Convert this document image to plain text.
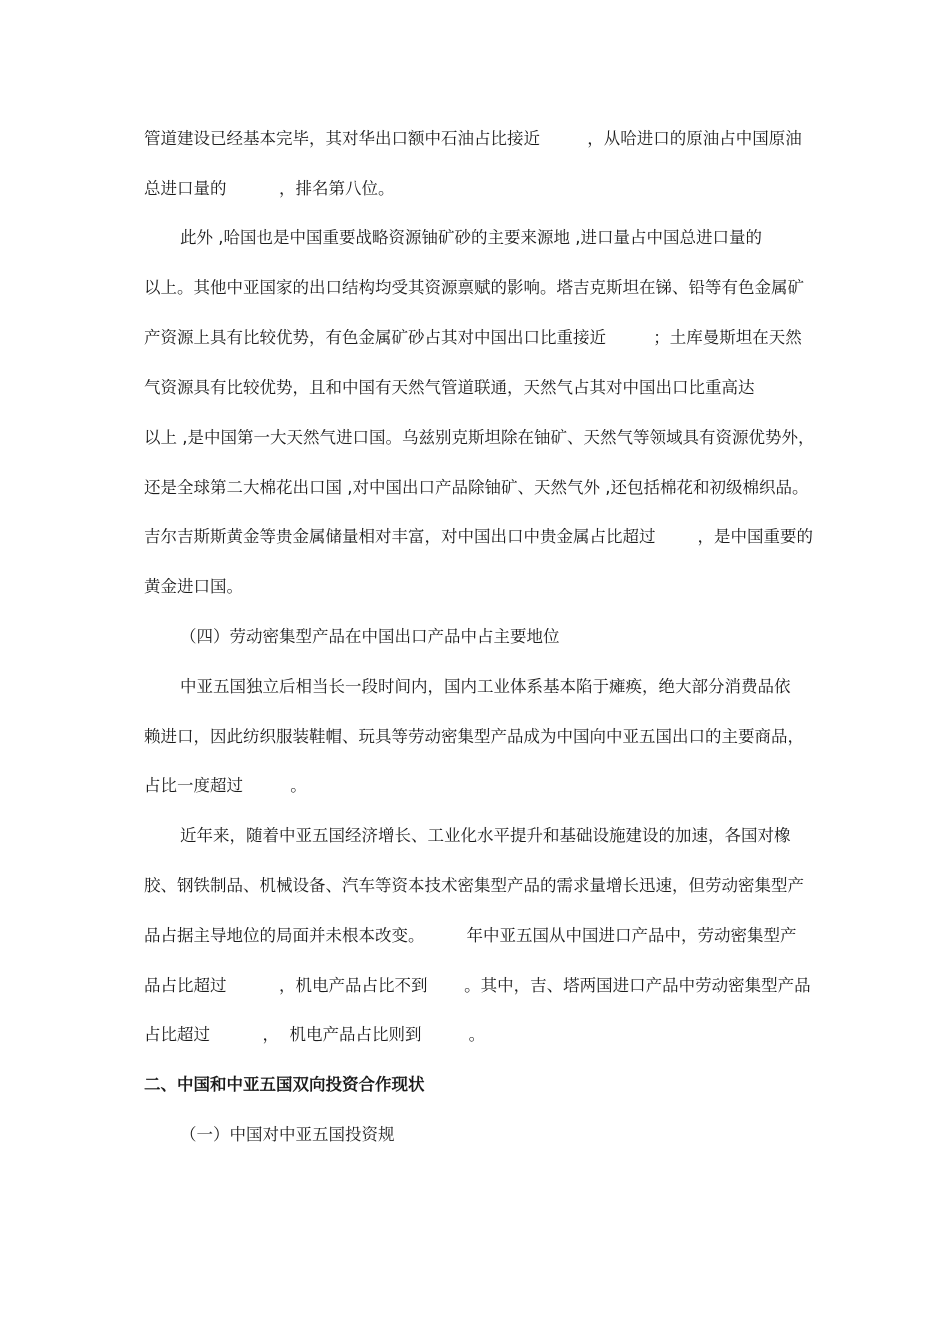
管道建设已经基本完毕，其对华出口额中石油占比接近         ，从哈进口的原油占中国原油
总进口量的          ，排名第八位。
此外 ,哈国也是中国重要战略资源铀矿砂的主要来源地 ,进口量占中国总进口量的
以上。其他中亚国家的出口结构均受其资源禀赋的影响。塔吉克斯坦在锑、铅等有色金属矿
产资源上具有比较优势，有色金属矿砂占其对中国出口比重接近         ；土库曼斯坦在天然
气资源具有比较优势，且和中国有天然气管道联通，天然气占其对中国出口比重高达
以上 ,是中国第一大天然气进口国。乌兹别克斯坦除在铀矿、天然气等领域具有资源优势外，
还是全球第二大棉花出口国 ,对中国出口产品除铀矿、天然气外 ,还包括棉花和初级棉织品。
吉尔吉斯斯黄金等贵金属储量相对丰富，对中国出口中贵金属占比超过        ，是中国重要的
黄金进口国。
（四）劳动密集型产品在中国出口产品中占主要地位
中亚五国独立后相当长一段时间内，国内工业体系基本陷于瘫痪，绝大部分消费品依
赖进口，因此纺织服装鞋帽、玩具等劳动密集型产品成为中国向中亚五国出口的主要商品，
占比一度超过         。
近年来，随着中亚五国经济增长、工业化水平提升和基础设施建设的加速，各国对橡
胶、钢铁制品、机械设备、汽车等资本技术密集型产品的需求量增长迅速，但劳动密集型产
品占据主导地位的局面并未根本改变。        年中亚五国从中国进口产品中，劳动密集型产
品占比超过          ，机电产品占比不到       。其中，吉、塔两国进口产品中劳动密集型产品
占比超过          ，  机电产品占比则到         。
二、中国和中亚五国双向投资合作现状
（一）中国对中亚五国投资规
